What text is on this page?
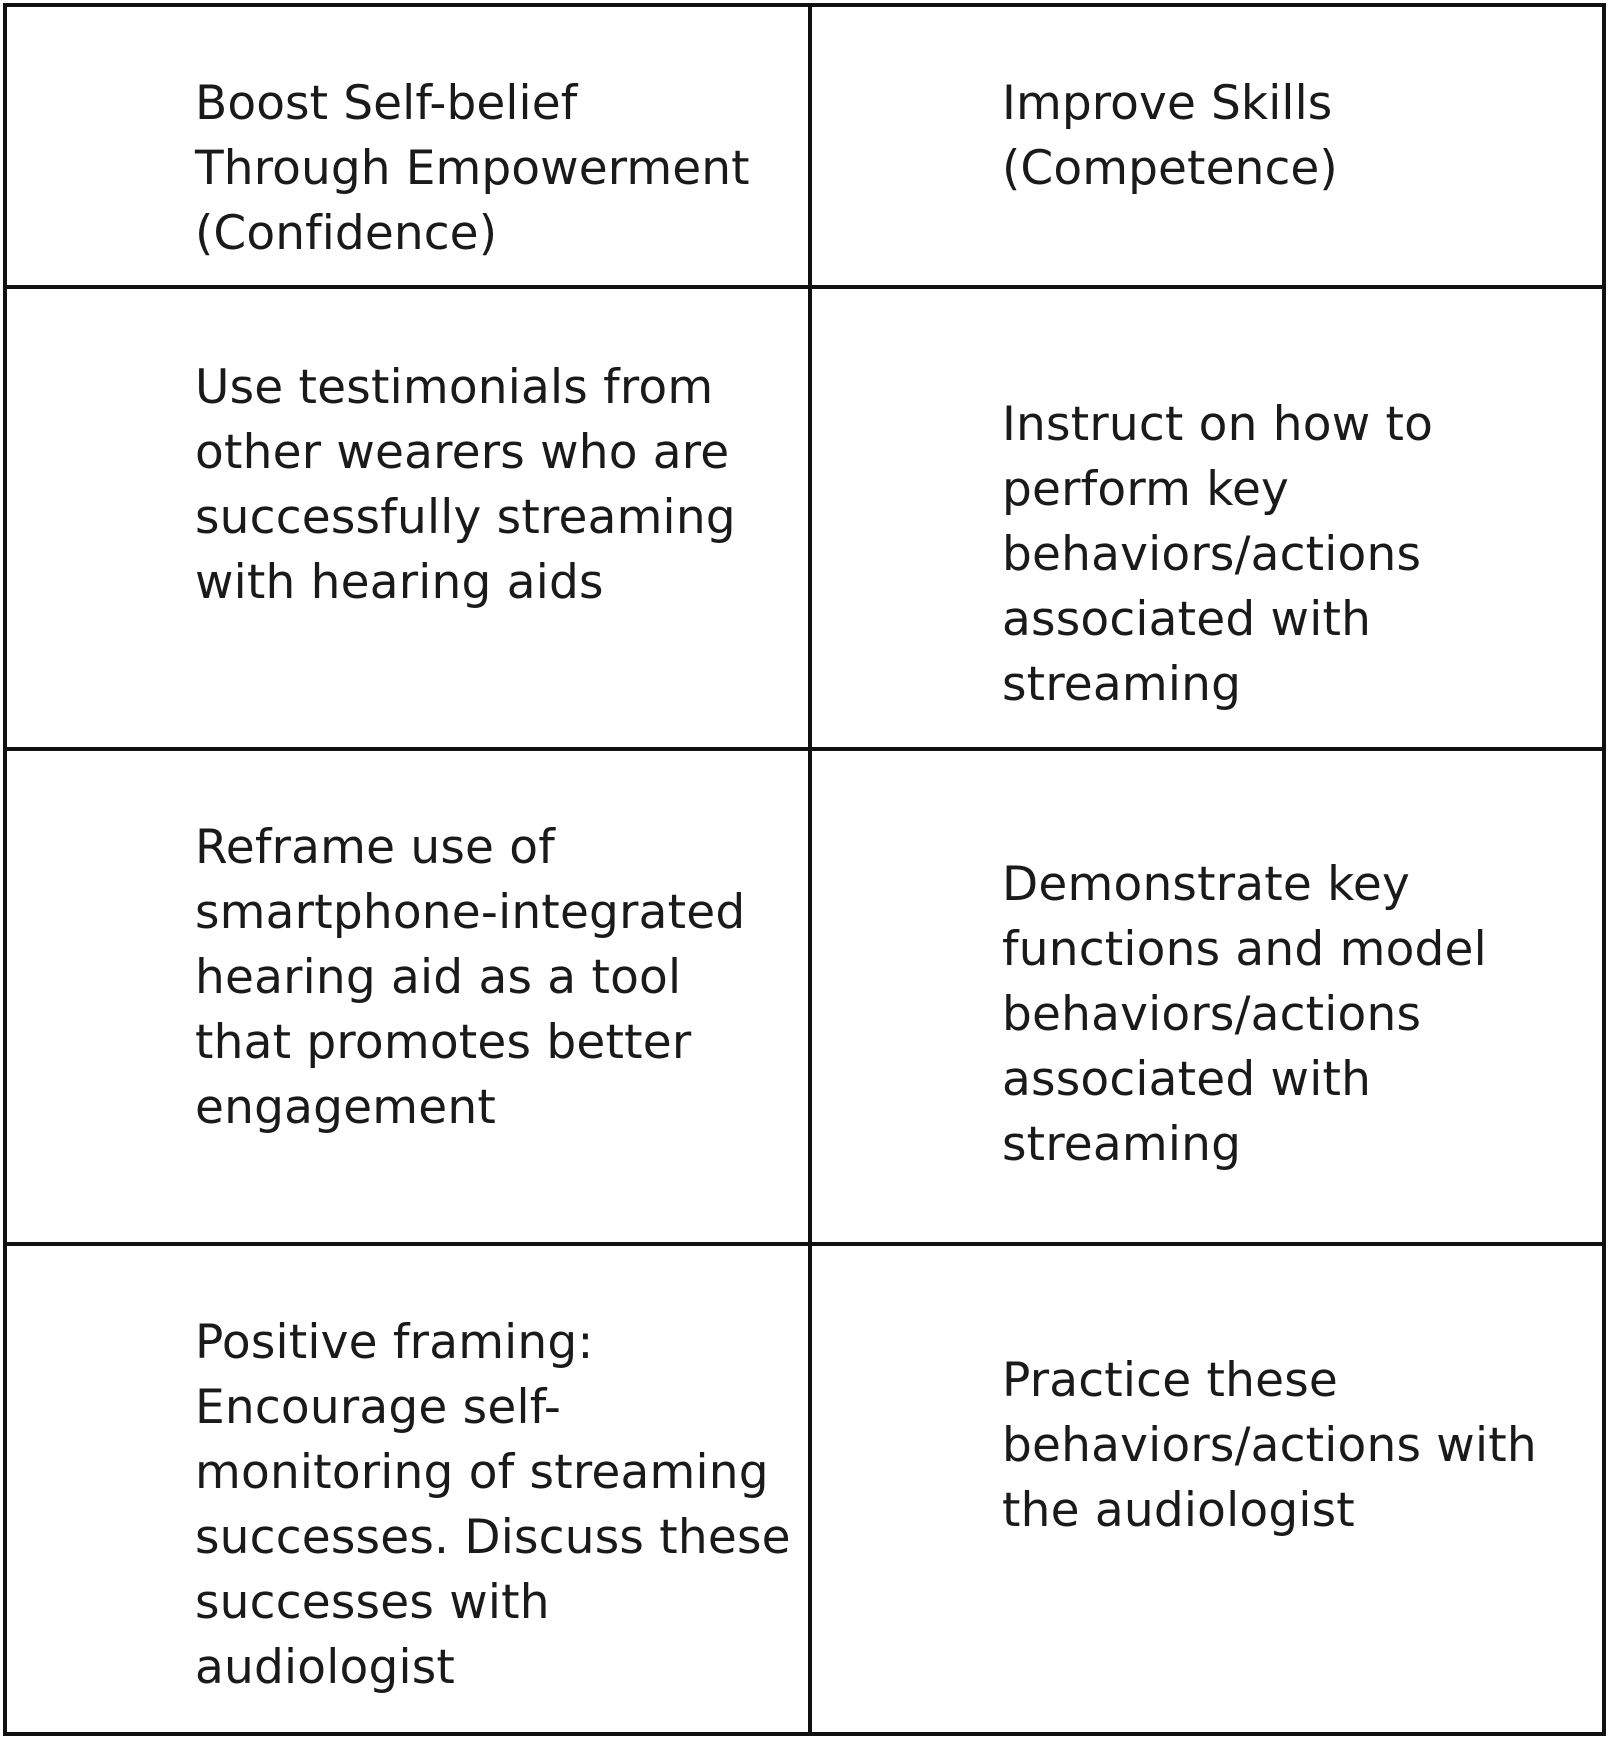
Boost Self-belief
Through Empowerment
(Confidence)
Improve Skills
(Competence)
Use testimonials from
other wearers who are
successfully streaming
with hearing aids
Instruct on how to
perform key
behaviors/actions
associated with
streaming
Reframe use of
smartphone-integrated
hearing aid as a tool
that promotes better
engagement
Demonstrate key
functions and model
behaviors/actions
associated with
streaming
Positive framing:
Encourage self-
monitoring of streaming
successes. Discuss these
successes with
audiologist
Practice these
behaviors/actions with
the audiologist
